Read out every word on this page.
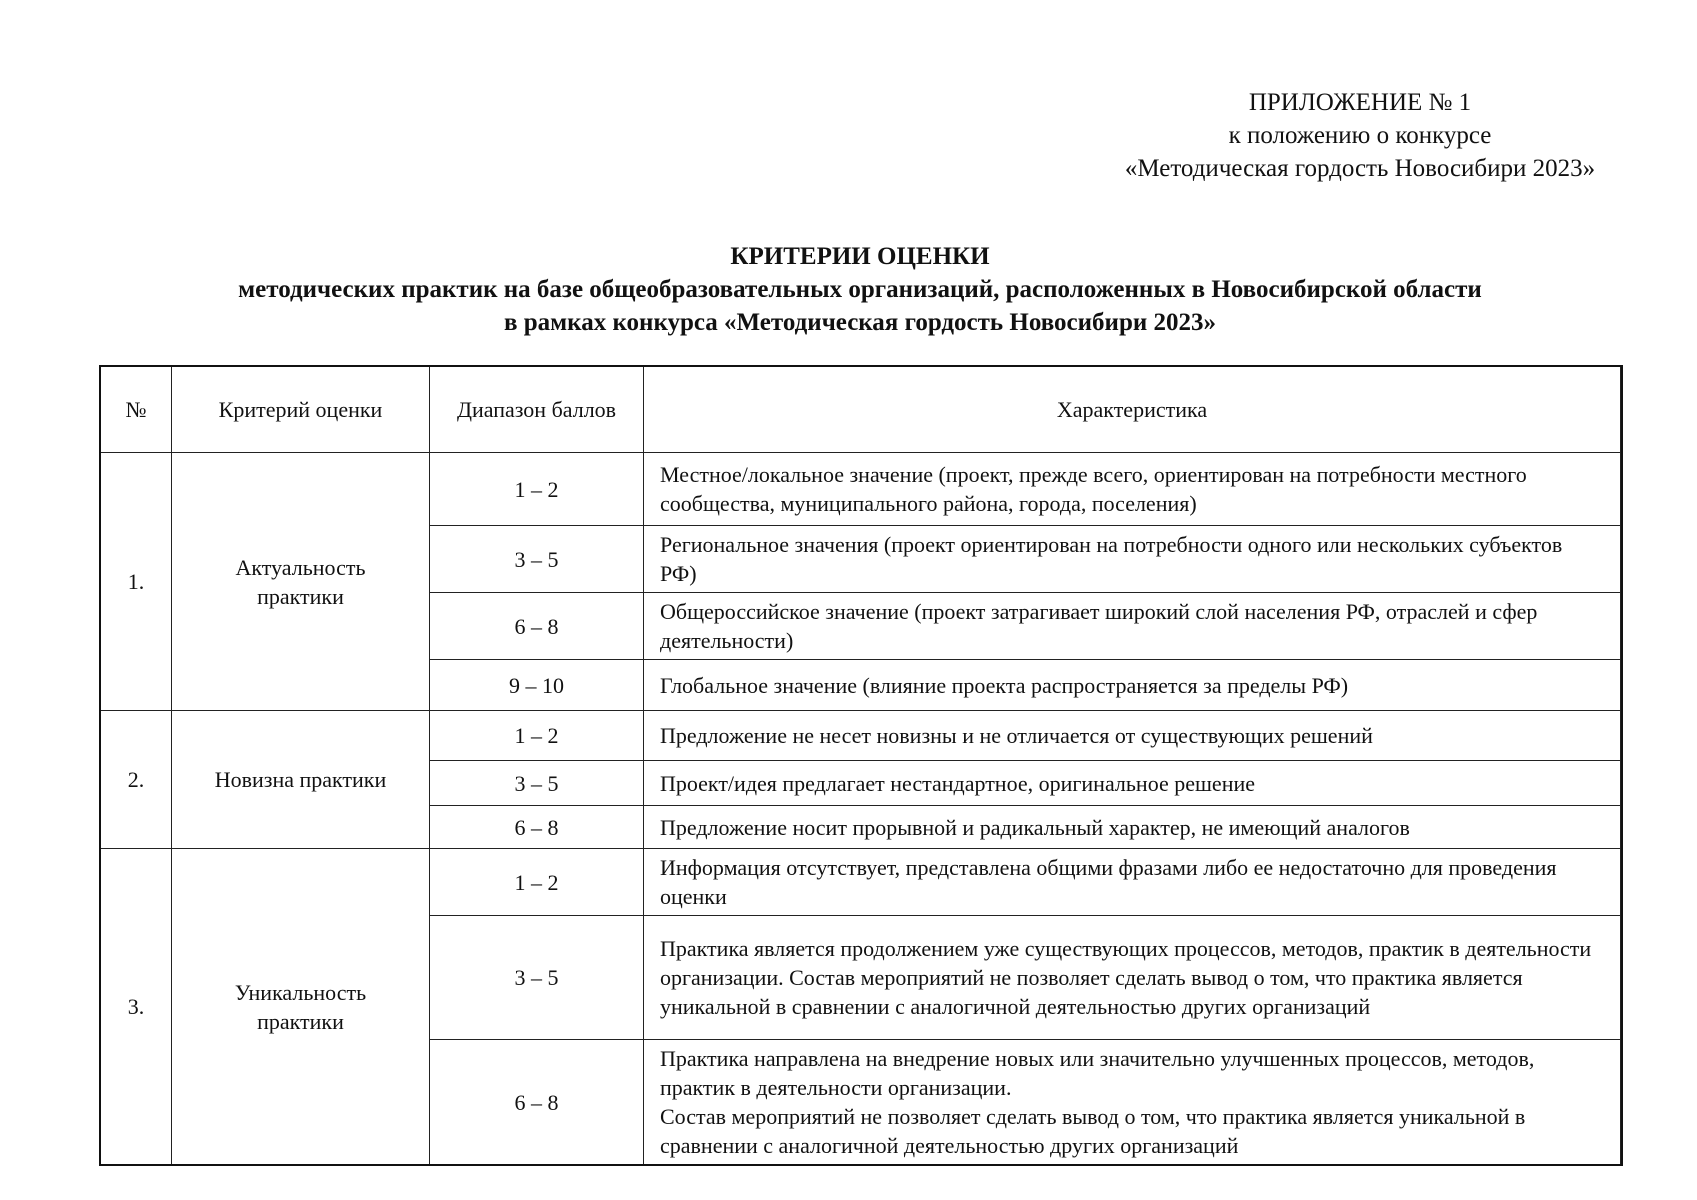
ПРИЛОЖЕНИЕ № 1
к положению о конкурсе
«Методическая гордость Новосибири 2023»
КРИТЕРИИ ОЦЕНКИ
методических практик на базе общеобразовательных организаций, расположенных в Новосибирской области
в рамках конкурса «Методическая гордость Новосибири 2023»
№	Критерий оценки	Диапазон баллов	Характеристика
1.	Актуальность практики	1 – 2	Местное/локальное значение (проект, прежде всего, ориентирован на потребности местного сообщества, муниципального района, города, поселения)
		3 – 5	Региональное значения (проект ориентирован на потребности одного или нескольких субъектов РФ)
		6 – 8	Общероссийское значение (проект затрагивает широкий слой населения РФ, отраслей и сфер деятельности)
		9 – 10	Глобальное значение (влияние проекта распространяется за пределы РФ)
2.	Новизна практики	1 – 2	Предложение не несет новизны и не отличается от существующих решений
		3 – 5	Проект/идея предлагает нестандартное, оригинальное решение
		6 – 8	Предложение носит прорывной и радикальный характер, не имеющий аналогов
3.	Уникальность практики	1 – 2	Информация отсутствует, представлена общими фразами либо ее недостаточно для проведения оценки
		3 – 5	Практика является продолжением уже существующих процессов, методов, практик в деятельности организации. Состав мероприятий не позволяет сделать вывод о том, что практика является уникальной в сравнении с аналогичной деятельностью других организаций
		6 – 8	Практика направлена на внедрение новых или значительно улучшенных процессов, методов, практик в деятельности организации.
Состав мероприятий не позволяет сделать вывод о том, что практика является уникальной в сравнении с аналогичной деятельностью других организаций
